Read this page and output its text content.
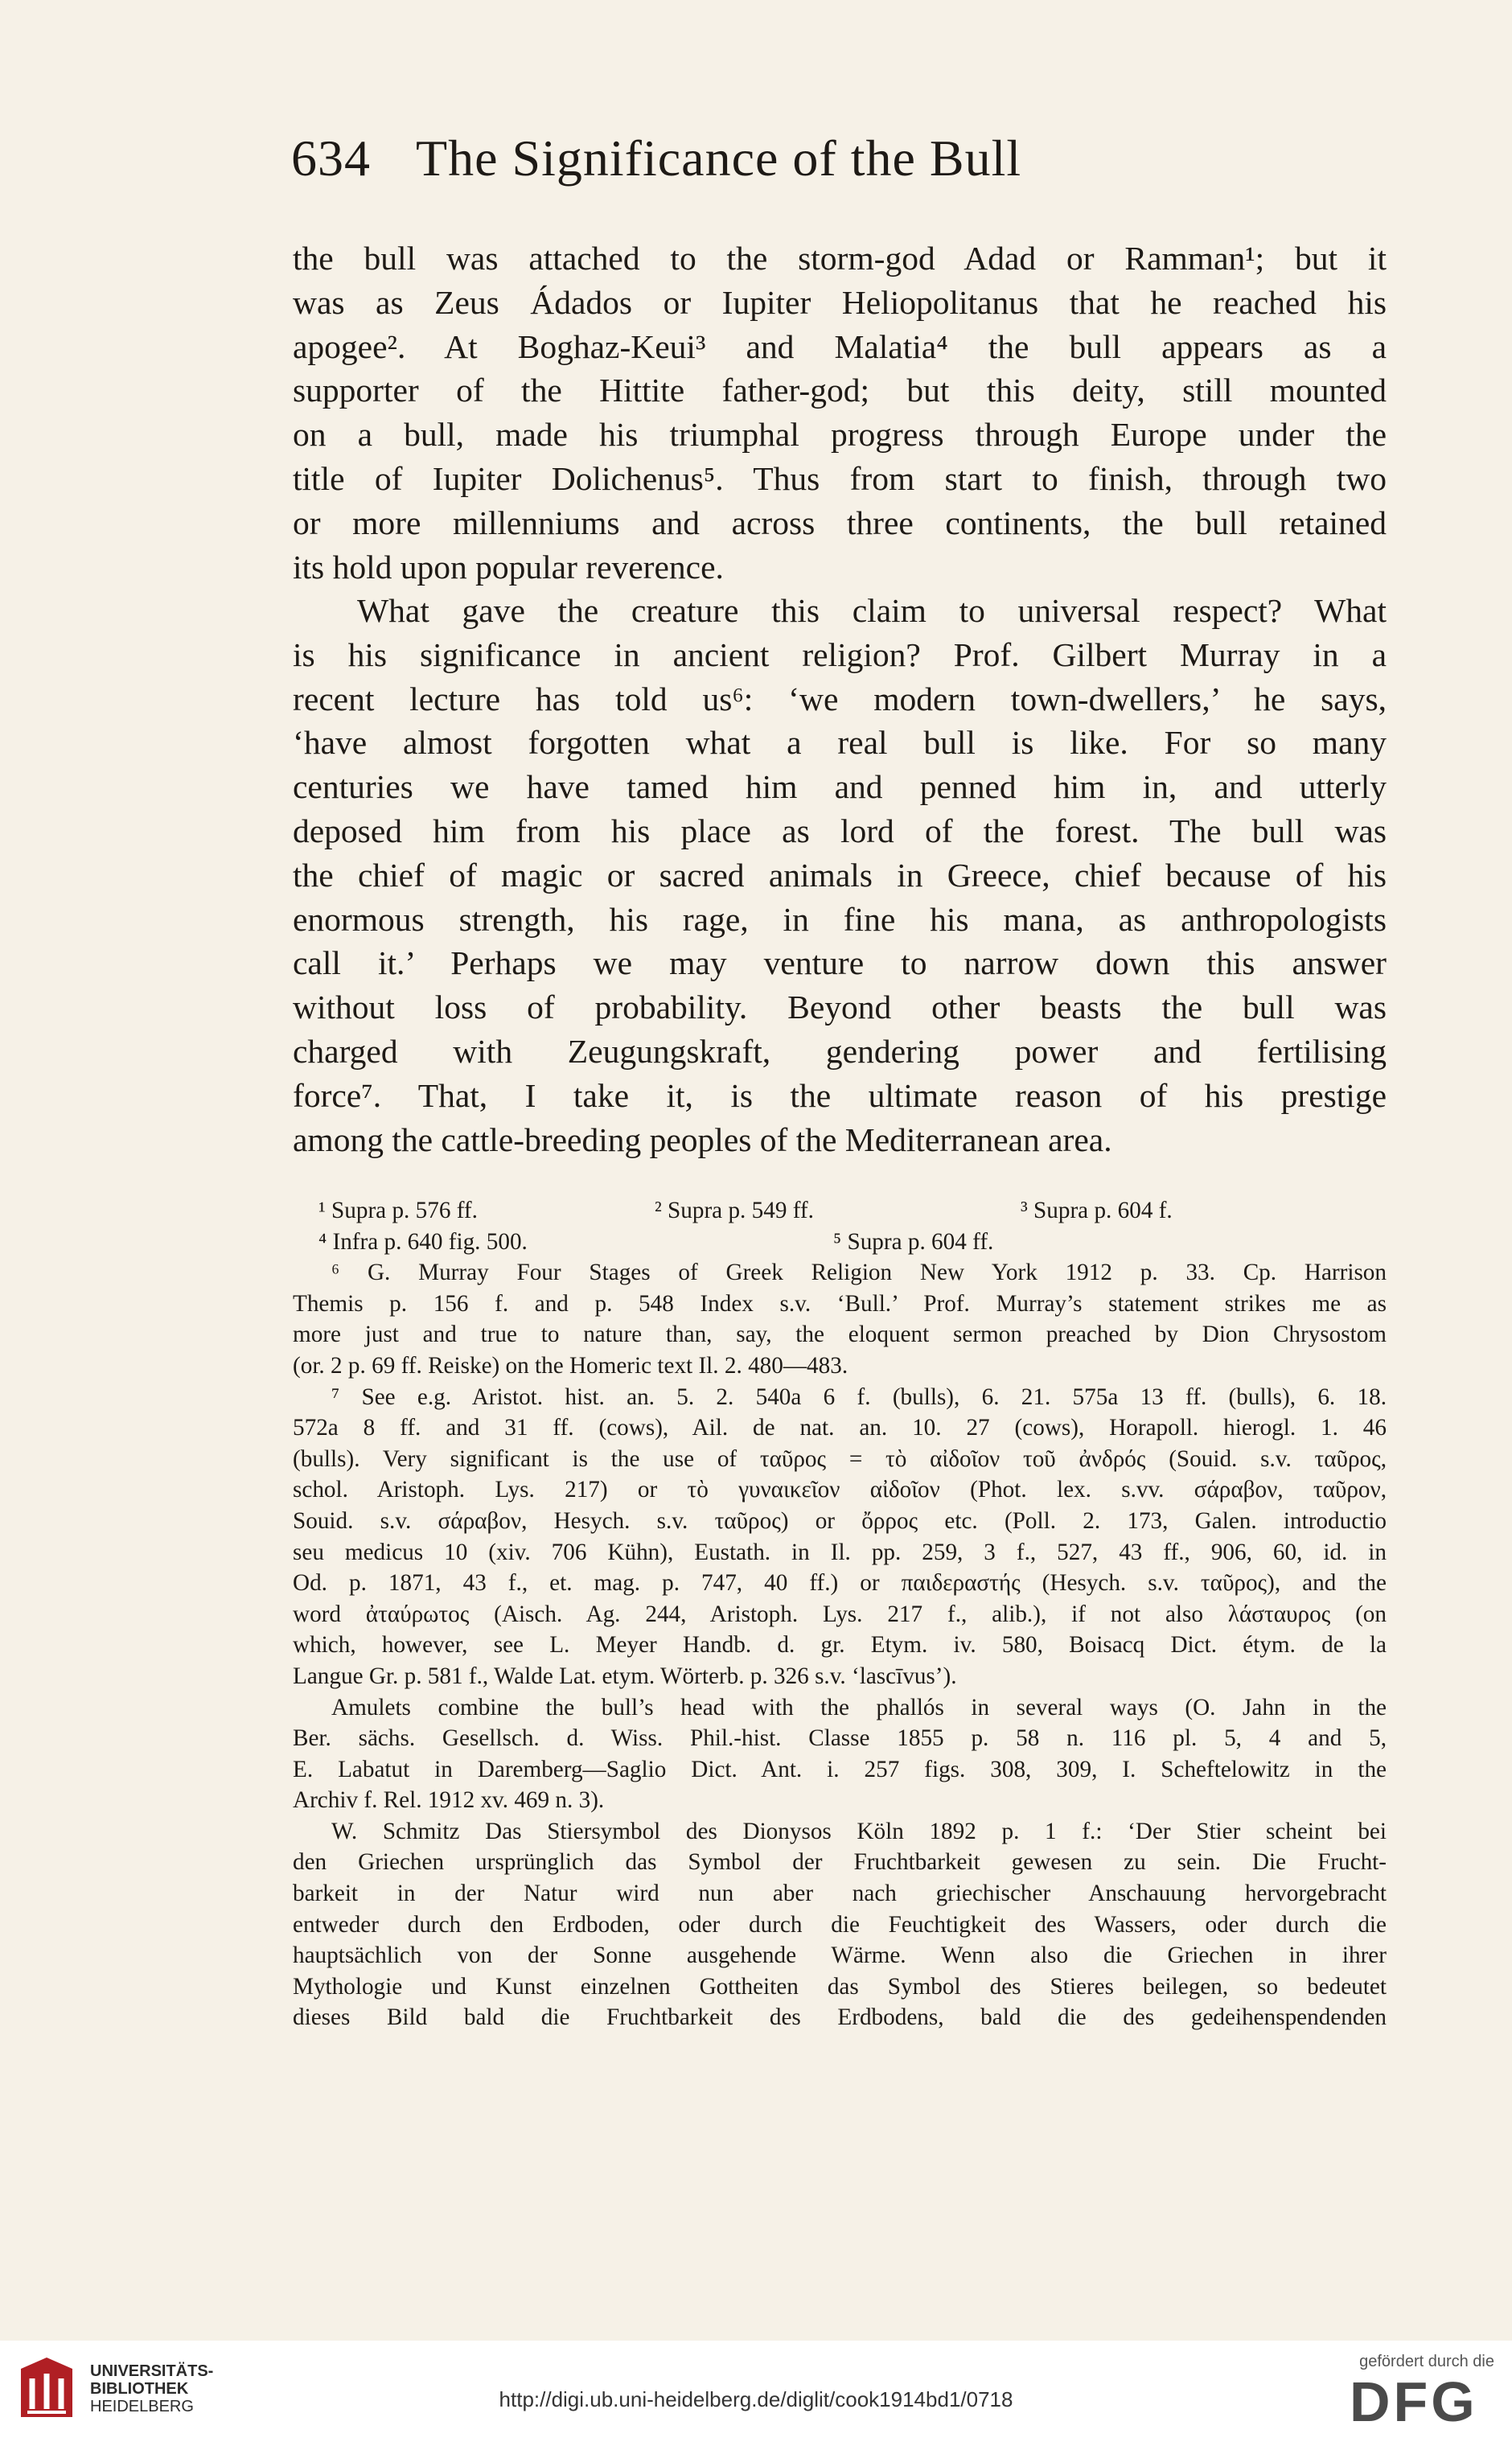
634 The Significance of the Bull
the bull was attached to the storm-god Adad or Ramman¹; but it
was as Zeus Ádados or Iupiter Heliopolitanus that he reached his
apogee². At Boghaz-Keui³ and Malatia⁴ the bull appears as a
supporter of the Hittite father-god; but this deity, still mounted
on a bull, made his triumphal progress through Europe under the
title of Iupiter Dolichenus⁵. Thus from start to finish, through two
or more millenniums and across three continents, the bull retained
its hold upon popular reverence.
What gave the creature this claim to universal respect? What
is his significance in ancient religion? Prof. Gilbert Murray in a
recent lecture has told us⁶: ‘we modern town-dwellers,’ he says,
‘have almost forgotten what a real bull is like. For so many
centuries we have tamed him and penned him in, and utterly
deposed him from his place as lord of the forest. The bull was
the chief of magic or sacred animals in Greece, chief because of his
enormous strength, his rage, in fine his mana, as anthropologists
call it.’ Perhaps we may venture to narrow down this answer
without loss of probability. Beyond other beasts the bull was
charged with Zeugungskraft, gendering power and fertilising
force⁷. That, I take it, is the ultimate reason of his prestige
among the cattle-breeding peoples of the Mediterranean area.
¹ Supra p. 576 ff.	² Supra p. 549 ff.	³ Supra p. 604 f.
⁴ Infra p. 640 fig. 500.	⁵ Supra p. 604 ff.
⁶ G. Murray Four Stages of Greek Religion New York 1912 p. 33. Cp. Harrison
Themis p. 156 f. and p. 548 Index s.v. ‘Bull.’ Prof. Murray’s statement strikes me as
more just and true to nature than, say, the eloquent sermon preached by Dion Chrysostom
(or. 2 p. 69 ff. Reiske) on the Homeric text Il. 2. 480—483.
⁷ See e.g. Aristot. hist. an. 5. 2. 540a 6 f. (bulls), 6. 21. 575a 13 ff. (bulls), 6. 18.
572a 8 ff. and 31 ff. (cows), Ail. de nat. an. 10. 27 (cows), Horapoll. hierogl. 1. 46
(bulls). Very significant is the use of ταῦρος = τὸ αἰδοῖον τοῦ ἀνδρός (Souid. s.v. ταῦρος,
schol. Aristoph. Lys. 217) or τὸ γυναικεῖον αἰδοῖον (Phot. lex. s.vv. σάραβον, ταῦρον,
Souid. s.v. σάραβον, Hesych. s.v. ταῦρος) or ὄρρος etc. (Poll. 2. 173, Galen. introductio
seu medicus 10 (xiv. 706 Kühn), Eustath. in Il. pp. 259, 3 f., 527, 43 ff., 906, 60, id. in
Od. p. 1871, 43 f., et. mag. p. 747, 40 ff.) or παιδεραστής (Hesych. s.v. ταῦρος), and the
word ἀταύρωτος (Aisch. Ag. 244, Aristoph. Lys. 217 f., alib.), if not also λάσταυρος (on
which, however, see L. Meyer Handb. d. gr. Etym. iv. 580, Boisacq Dict. étym. de la
Langue Gr. p. 581 f., Walde Lat. etym. Wörterb. p. 326 s.v. ‘lascīvus’).
Amulets combine the bull’s head with the phallós in several ways (O. Jahn in the
Ber. sächs. Gesellsch. d. Wiss. Phil.-hist. Classe 1855 p. 58 n. 116 pl. 5, 4 and 5,
E. Labatut in Daremberg—Saglio Dict. Ant. i. 257 figs. 308, 309, I. Scheftelowitz in the
Archiv f. Rel. 1912 xv. 469 n. 3).
W. Schmitz Das Stiersymbol des Dionysos Köln 1892 p. 1 f.: ‘Der Stier scheint bei
den Griechen ursprünglich das Symbol der Fruchtbarkeit gewesen zu sein. Die Frucht-
barkeit in der Natur wird nun aber nach griechischer Anschauung hervorgebracht
entweder durch den Erdboden, oder durch die Feuchtigkeit des Wassers, oder durch die
hauptsächlich von der Sonne ausgehende Wärme. Wenn also die Griechen in ihrer
Mythologie und Kunst einzelnen Gottheiten das Symbol des Stieres beilegen, so bedeutet
dieses Bild bald die Fruchtbarkeit des Erdbodens, bald die des gedeihenspendenden
UNIVERSITÄTS-
BIBLIOTHEK
HEIDELBERG	http://digi.ub.uni-heidelberg.de/diglit/cook1914bd1/0718
gefördert durch die
DFG
